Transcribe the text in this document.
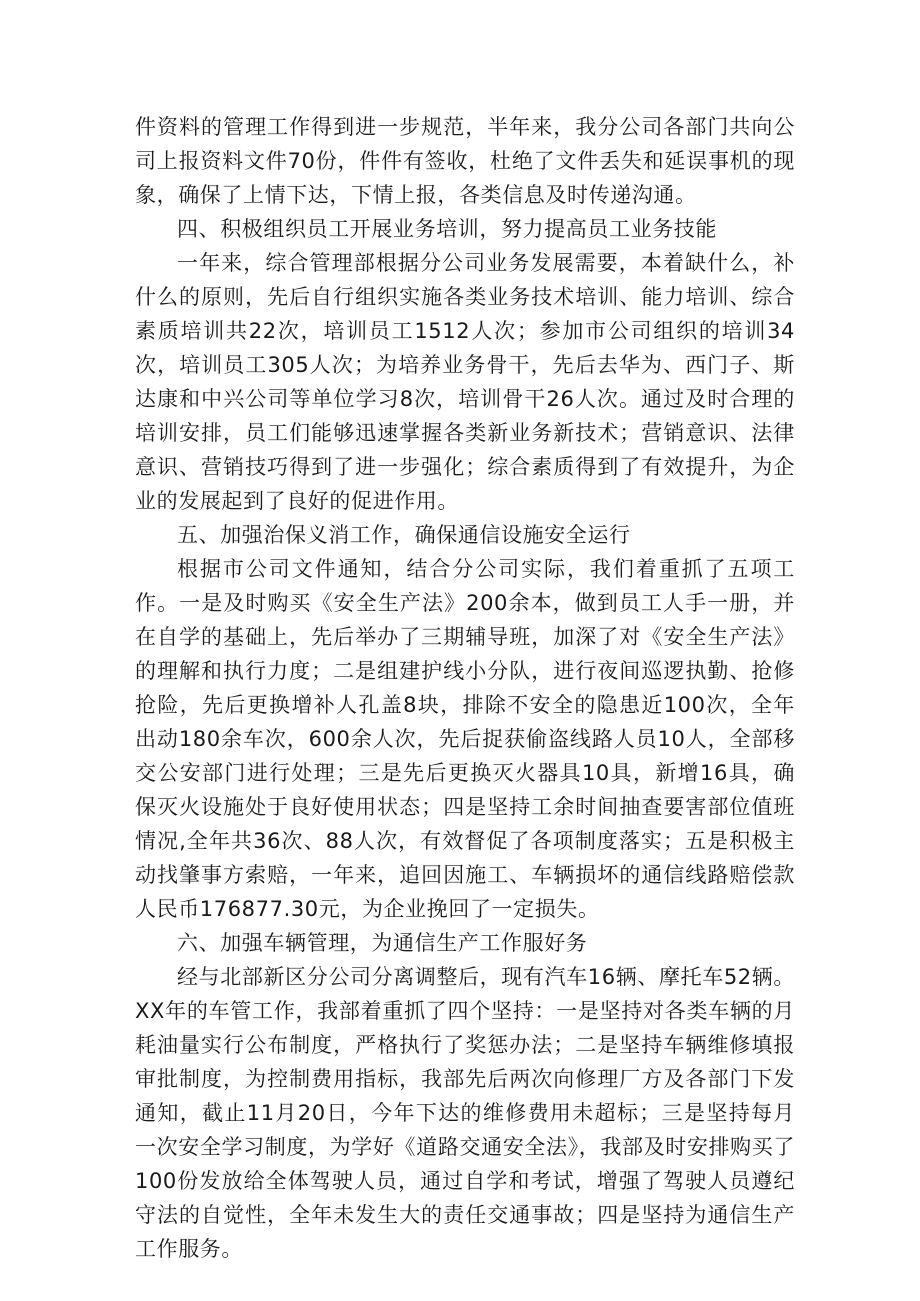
件资料的管理工作得到进一步规范，半年来，我分公司各部门共向公司上报资料文件70份，件件有签收，杜绝了文件丢失和延误事机的现象，确保了上情下达，下情上报，各类信息及时传递沟通。

四、积极组织员工开展业务培训，努力提高员工业务技能

一年来，综合管理部根据分公司业务发展需要，本着缺什么，补什么的原则，先后自行组织实施各类业务技术培训、能力培训、综合素质培训共22次，培训员工1512人次；参加市公司组织的培训34次，培训员工305人次；为培养业务骨干，先后去华为、西门子、斯达康和中兴公司等单位学习8次，培训骨干26人次。通过及时合理的培训安排，员工们能够迅速掌握各类新业务新技术；营销意识、法律意识、营销技巧得到了进一步强化；综合素质得到了有效提升，为企业的发展起到了良好的促进作用。

五、加强治保义消工作，确保通信设施安全运行

根据市公司文件通知，结合分公司实际，我们着重抓了五项工作。一是及时购买《安全生产法》200余本，做到员工人手一册，并在自学的基础上，先后举办了三期辅导班，加深了对《安全生产法》的理解和执行力度；二是组建护线小分队，进行夜间巡逻执勤、抢修抢险，先后更换增补人孔盖8块，排除不安全的隐患近100次，全年出动180余车次，600余人次，先后捉获偷盗线路人员10人，全部移交公安部门进行处理；三是先后更换灭火器具10具，新增16具，确保灭火设施处于良好使用状态；四是坚持工余时间抽查要害部位值班情况,全年共36次、88人次，有效督促了各项制度落实；五是积极主动找肇事方索赔，一年来，追回因施工、车辆损坏的通信线路赔偿款人民币176877.30元，为企业挽回了一定损失。

六、加强车辆管理，为通信生产工作服好务

经与北部新区分公司分离调整后，现有汽车16辆、摩托车52辆。XX年的车管工作，我部着重抓了四个坚持：一是坚持对各类车辆的月耗油量实行公布制度，严格执行了奖惩办法；二是坚持车辆维修填报审批制度，为控制费用指标，我部先后两次向修理厂方及各部门下发通知，截止11月20日，今年下达的维修费用未超标；三是坚持每月一次安全学习制度，为学好《道路交通安全法》，我部及时安排购买了100份发放给全体驾驶人员，通过自学和考试，增强了驾驶人员遵纪守法的自觉性，全年未发生大的责任交通事故；四是坚持为通信生产工作服务。
